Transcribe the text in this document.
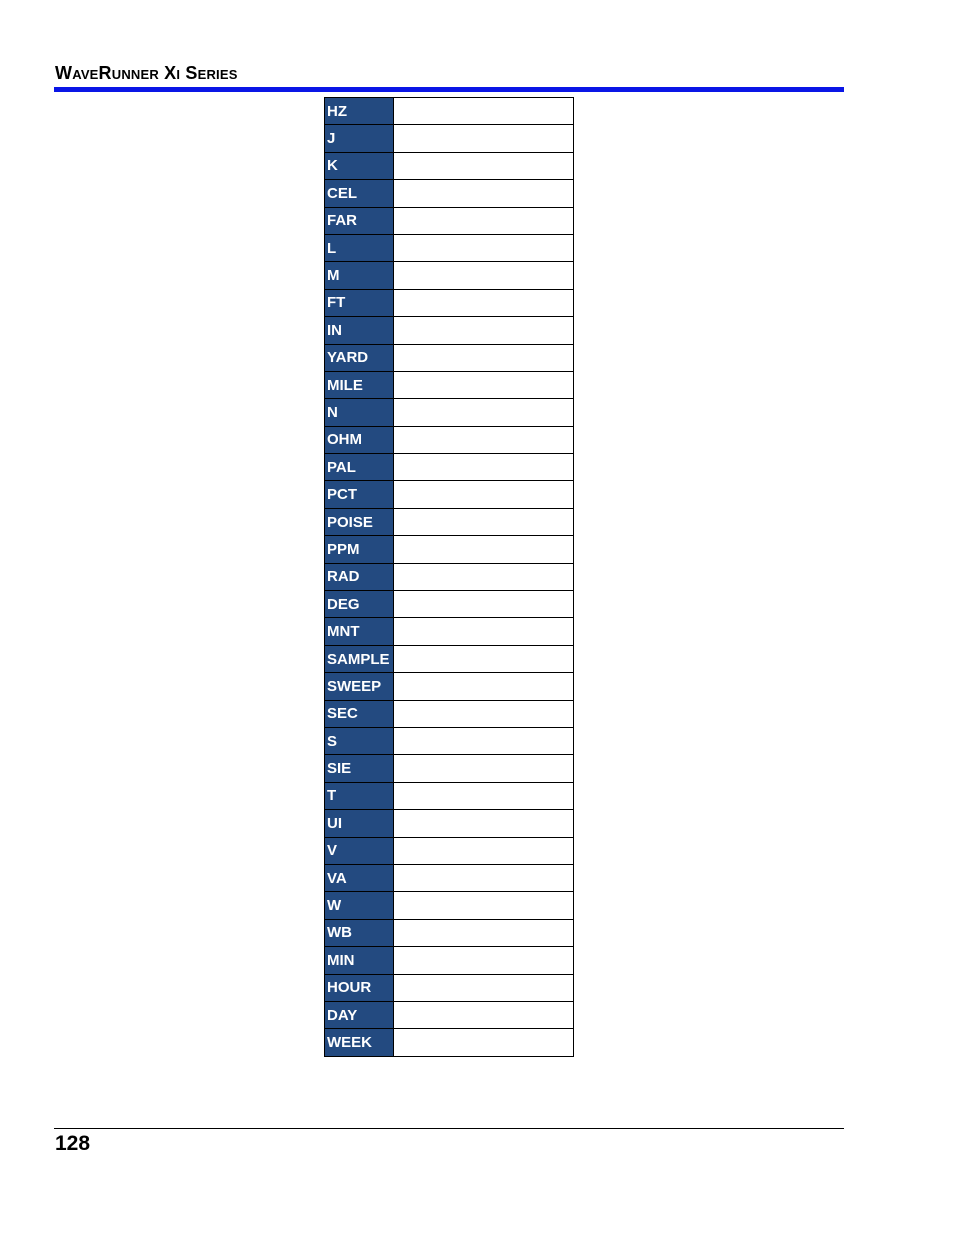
WaveRunner Xi Series
HZ	
J	
K	
CEL	
FAR	
L	
M	
FT	
IN	
YARD	
MILE	
N	
OHM	
PAL	
PCT	
POISE	
PPM	
RAD	
DEG	
MNT	
SAMPLE	
SWEEP	
SEC	
S	
SIE	
T	
UI	
V	
VA	
W	
WB	
MIN	
HOUR	
DAY	
WEEK	
128
